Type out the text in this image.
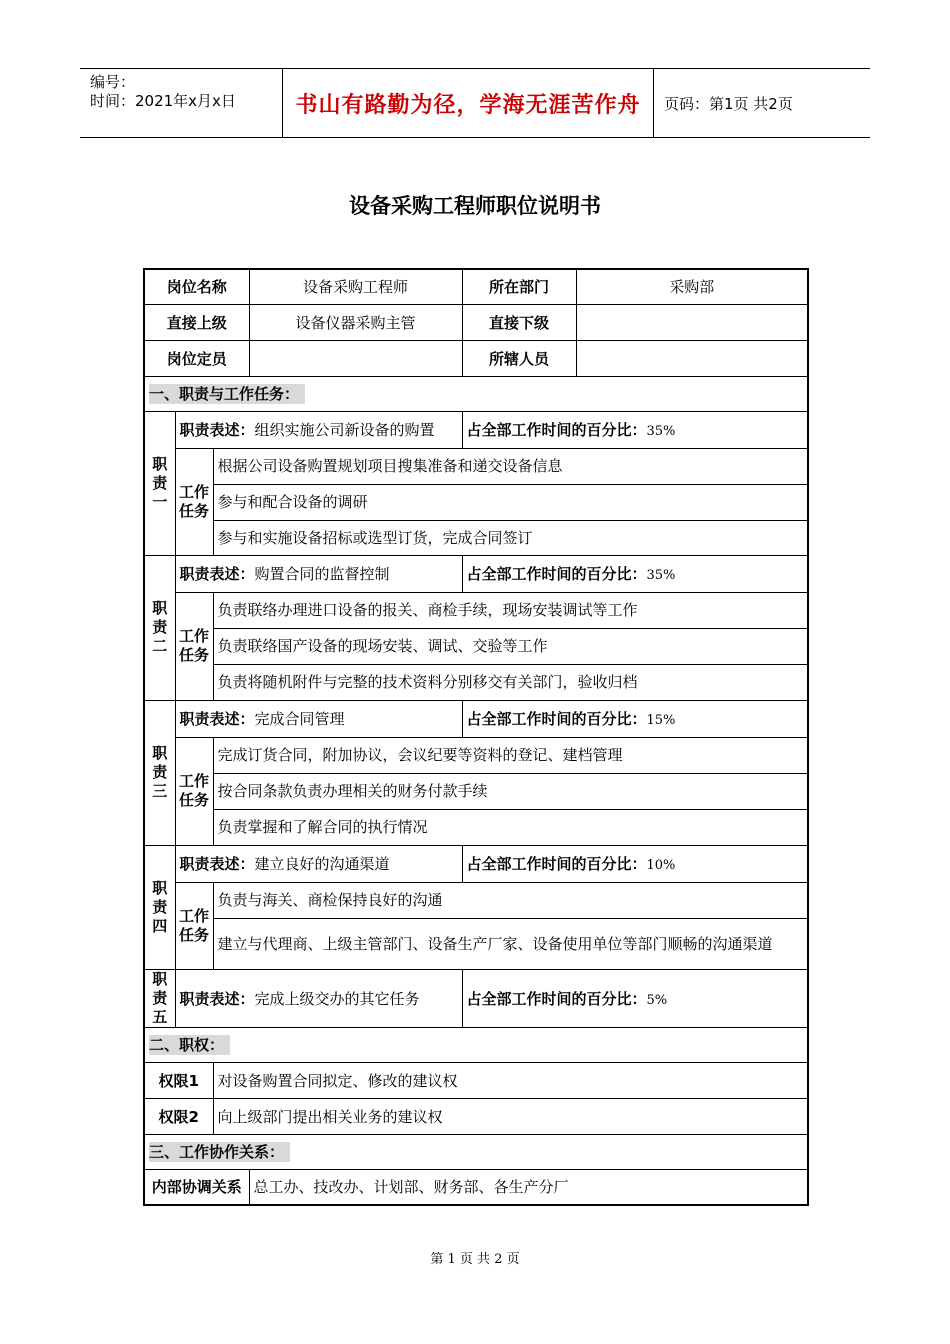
编号：
时间：2021年x月x日	书山有路勤为径，学海无涯苦作舟 页码：第1页 共2页
设备采购工程师职位说明书
岗位名称			设备采购工程师	所在部门	采购部
直接上级			设备仪器采购主管	直接下级	
岗位定员				所辖人员	
一、职责与工作任务：					
职责一	职责表述：组织实施公司新设备的购置			占全部工作时间的百分比：35%	
	工作任务	根据公司设备购置规划项目搜集准备和递交设备信息			
		参与和配合设备的调研			
		参与和实施设备招标或选型订货，完成合同签订			
职责二	职责表述：购置合同的监督控制			占全部工作时间的百分比：35%	
	工作任务	负责联络办理进口设备的报关、商检手续，现场安装调试等工作			
		负责联络国产设备的现场安装、调试、交验等工作			
		负责将随机附件与完整的技术资料分别移交有关部门，验收归档			
职责三	职责表述：完成合同管理			占全部工作时间的百分比：15%	
	工作任务	完成订货合同，附加协议，会议纪要等资料的登记、建档管理			
		按合同条款负责办理相关的财务付款手续			
		负责掌握和了解合同的执行情况			
职责四	职责表述：建立良好的沟通渠道			占全部工作时间的百分比：10%	
	工作任务	负责与海关、商检保持良好的沟通			
		建立与代理商、上级主管部门、设备生产厂家、设备使用单位等部门顺畅的沟通渠道			
职责五	职责表述：完成上级交办的其它任务			占全部工作时间的百分比：5%	
二、职权：					
权限1		对设备购置合同拟定、修改的建议权			
权限2		向上级部门提出相关业务的建议权			
三、工作协作关系：					
内部协调关系			总工办、技改办、计划部、财务部、各生产分厂		
第 1 页 共 2 页
